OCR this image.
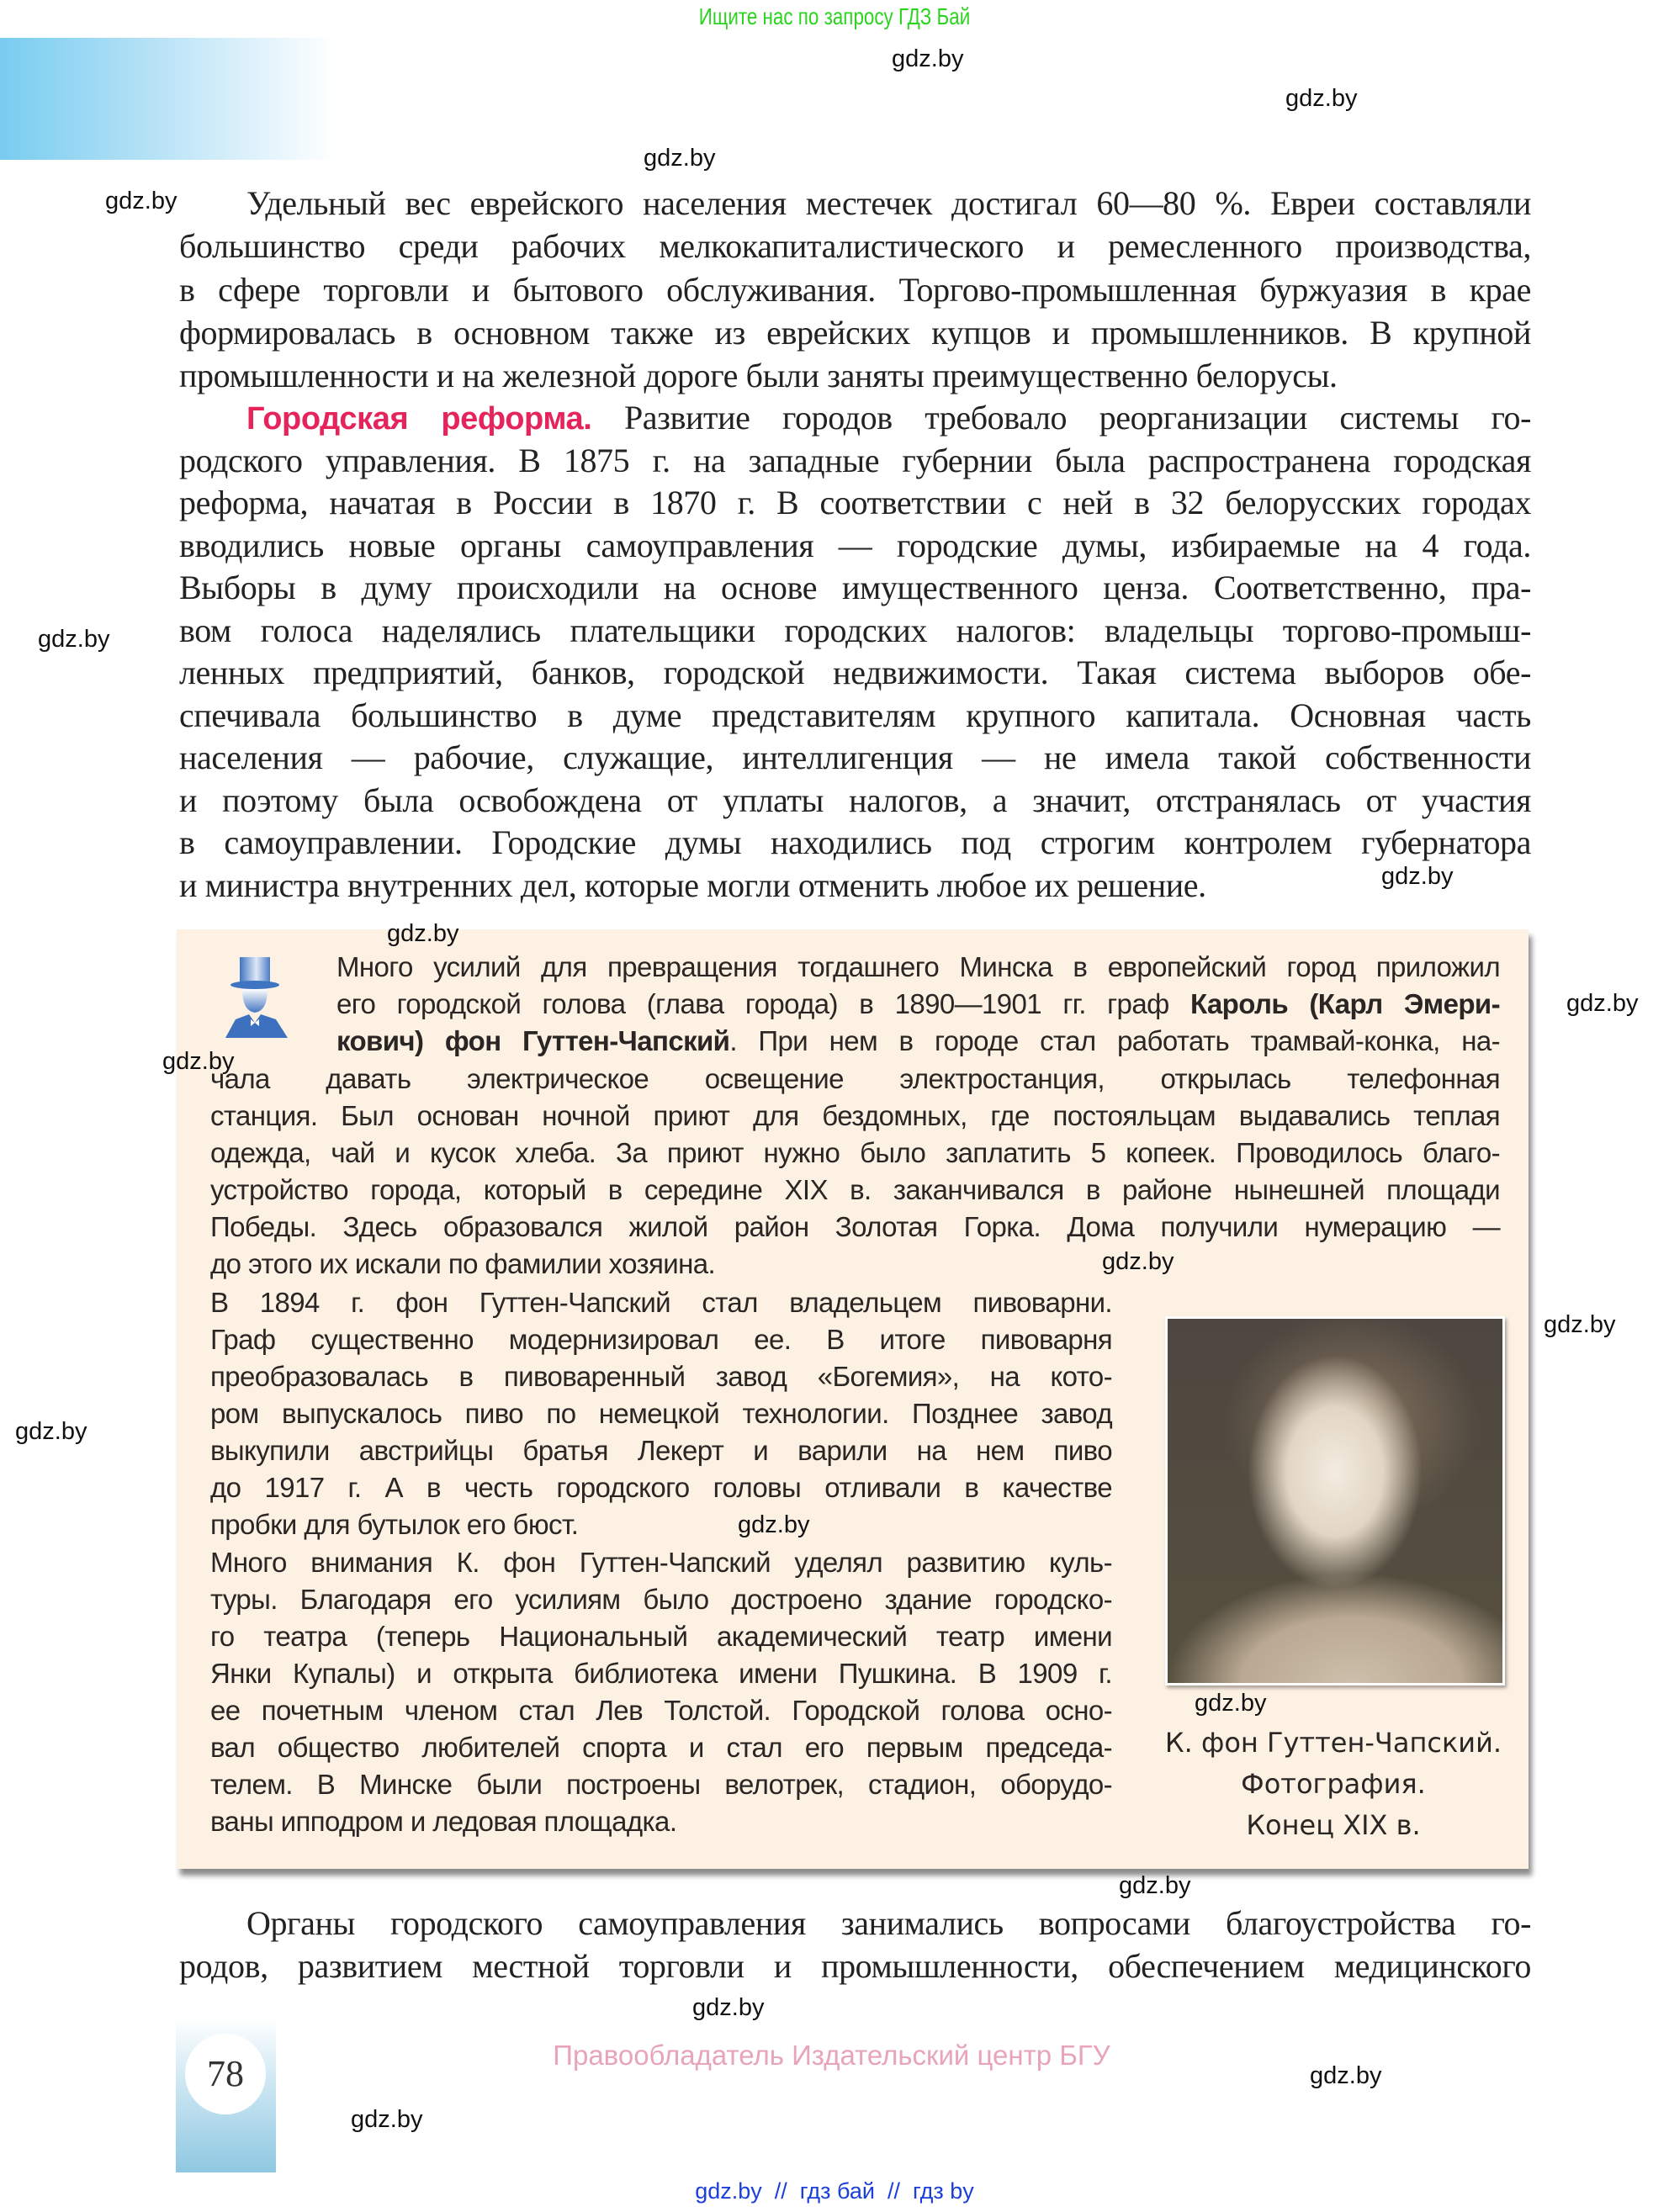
Ищите нас по запросу ГДЗ Бай
Удельный вес еврейского населения местечек достигал 60—80 %. Евреи составляли
большинство среди рабочих мелкокапиталистического и ремесленного производства,
в сфере торговли и бытового обслуживания. Торгово-промышленная буржуазия в крае
формировалась в основном также из еврейских купцов и промышленников. В крупной
промышленности и на железной дороге были заняты преимущественно белорусы.
Городская реформа. Развитие городов требовало реорганизации системы го-
родского управления. В 1875 г. на западные губернии была распространена городская
реформа, начатая в России в 1870 г. В соответствии с ней в 32 белорусских городах
вводились новые органы самоуправления — городские думы, избираемые на 4 года.
Выборы в думу происходили на основе имущественного ценза. Соответственно, пра-
вом голоса наделялись плательщики городских налогов: владельцы торгово-промыш-
ленных предприятий, банков, городской недвижимости. Такая система выборов обе-
спечивала большинство в думе представителям крупного капитала. Основная часть
населения — рабочие, служащие, интеллигенция — не имела такой собственности
и поэтому была освобождена от уплаты налогов, а значит, отстранялась от участия
в самоуправлении. Городские думы находились под строгим контролем губернатора
и министра внутренних дел, которые могли отменить любое их решение.
Много усилий для превращения тогдашнего Минска в европейский город приложил
его городской голова (глава города) в 1890—1901 гг. граф Кароль (Карл Эмери-
кович) фон Гуттен-Чапский. При нем в городе стал работать трамвай-конка, на-
чала давать электрическое освещение электростанция, открылась телефонная
станция. Был основан ночной приют для бездомных, где постояльцам выдавались теплая
одежда, чай и кусок хлеба. За приют нужно было заплатить 5 копеек. Проводилось благо-
устройство города, который в середине XIX в. заканчивался в районе нынешней площади
Победы. Здесь образовался жилой район Золотая Горка. Дома получили нумерацию —
до этого их искали по фамилии хозяина.
В 1894 г. фон Гуттен-Чапский стал владельцем пивоварни.
Граф существенно модернизировал ее. В итоге пивоварня
преобразовалась в пивоваренный завод «Богемия», на кото-
ром выпускалось пиво по немецкой технологии. Позднее завод
выкупили австрийцы братья Лекерт и варили на нем пиво
до 1917 г. А в честь городского головы отливали в качестве
пробки для бутылок его бюст.
Много внимания К. фон Гуттен-Чапский уделял развитию куль-
туры. Благодаря его усилиям было достроено здание городско-
го театра (теперь Национальный академический театр имени
Янки Купалы) и открыта библиотека имени Пушкина. В 1909 г.
ее почетным членом стал Лев Толстой. Городской голова осно-
вал общество любителей спорта и стал его первым председа-
телем. В Минске были построены велотрек, стадион, оборудо-
ваны ипподром и ледовая площадка.
К. фон Гуттен-Чапский.
Фотография.
Конец XIX в.
Органы городского самоуправления занимались вопросами благоустройства го-
родов, развитием местной торговли и промышленности, обеспечением медицинского
78	Правообладатель Издательский центр БГУ
gdz.by  //  гдз бай  //  гдз by
gdz.by
gdz.by
gdz.by
gdz.by
gdz.by
gdz.by
gdz.by
gdz.by
gdz.by
gdz.by
gdz.by
gdz.by
gdz.by
gdz.by
gdz.by
gdz.by
gdz.by
gdz.by
